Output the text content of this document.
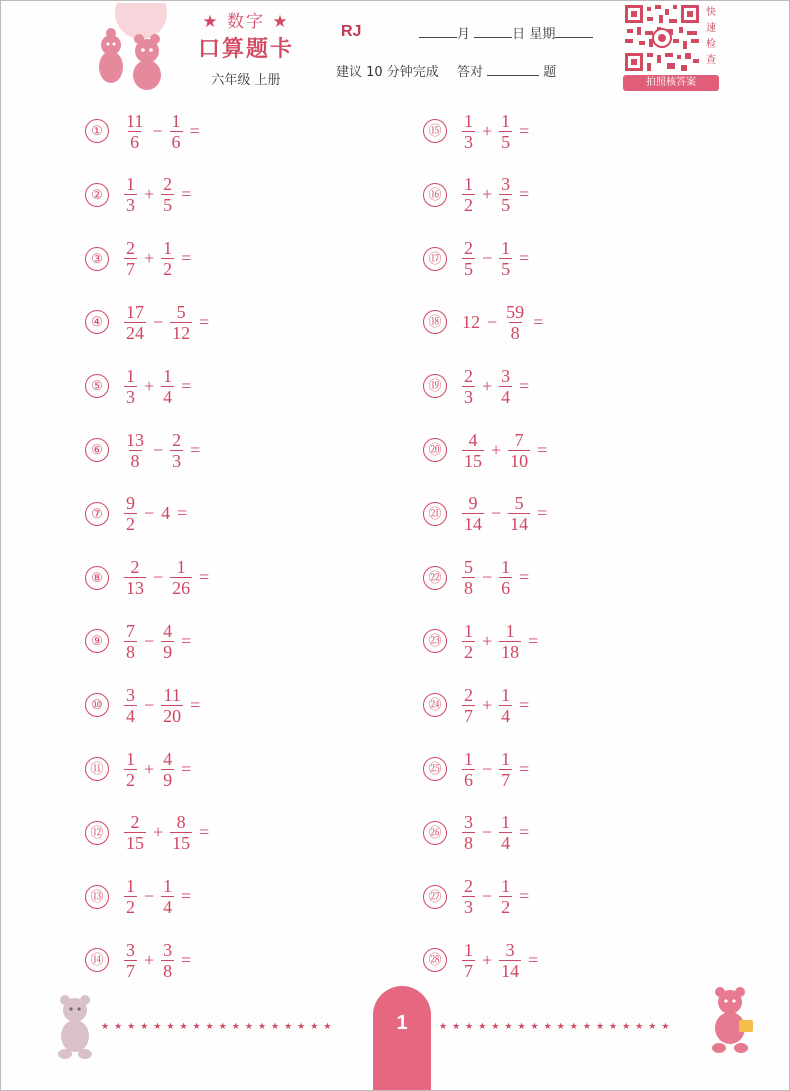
★ 数字 ★
口算题卡
六年级 上册
RJ	月	日 星期
建议 10 分钟完成 答对	题
快
速
检
查
拍照核答案
①	$\frac{11}{6} - \frac{1}{6}$ =
②	$\frac{1}{3} + \frac{2}{5}$ =
③	$\frac{2}{7} + \frac{1}{2}$ =
④	$\frac{17}{24} - \frac{5}{12}$ =
⑤	$\frac{1}{3} + \frac{1}{4}$ =
⑥	$\frac{13}{8} - \frac{2}{3}$ =
⑦	$\frac{9}{2} - 4$ =
⑧	$\frac{2}{13} - \frac{1}{26}$ =
⑨	$\frac{7}{8} - \frac{4}{9}$ =
⑩	$\frac{3}{4} - \frac{11}{20}$ =
⑪	$\frac{1}{2} + \frac{4}{9}$ =
⑫	$\frac{2}{15} + \frac{8}{15}$ =
⑬	$\frac{1}{2} - \frac{1}{4}$ =
⑭	$\frac{3}{7} + \frac{3}{8}$ =
⑮	$\frac{1}{3} + \frac{1}{5}$ =
⑯	$\frac{1}{2} + \frac{3}{5}$ =
⑰	$\frac{2}{5} - \frac{1}{5}$ =
⑱	$12 - \frac{59}{8}$ =
⑲	$\frac{2}{3} + \frac{3}{4}$ =
⑳	$\frac{4}{15} + \frac{7}{10}$ =
㉑	$\frac{9}{14} - \frac{5}{14}$ =
㉒	$\frac{5}{8} - \frac{1}{6}$ =
㉓	$\frac{1}{2} + \frac{1}{18}$ =
㉔	$\frac{2}{7} + \frac{1}{4}$ =
㉕	$\frac{1}{6} - \frac{1}{7}$ =
㉖	$\frac{3}{8} - \frac{1}{4}$ =
㉗	$\frac{2}{3} - \frac{1}{2}$ =
㉘	$\frac{1}{7} + \frac{3}{14}$ =
★★★★★★★★★★★★★★★★★★	1	★★★★★★★★★★★★★★★★★★
